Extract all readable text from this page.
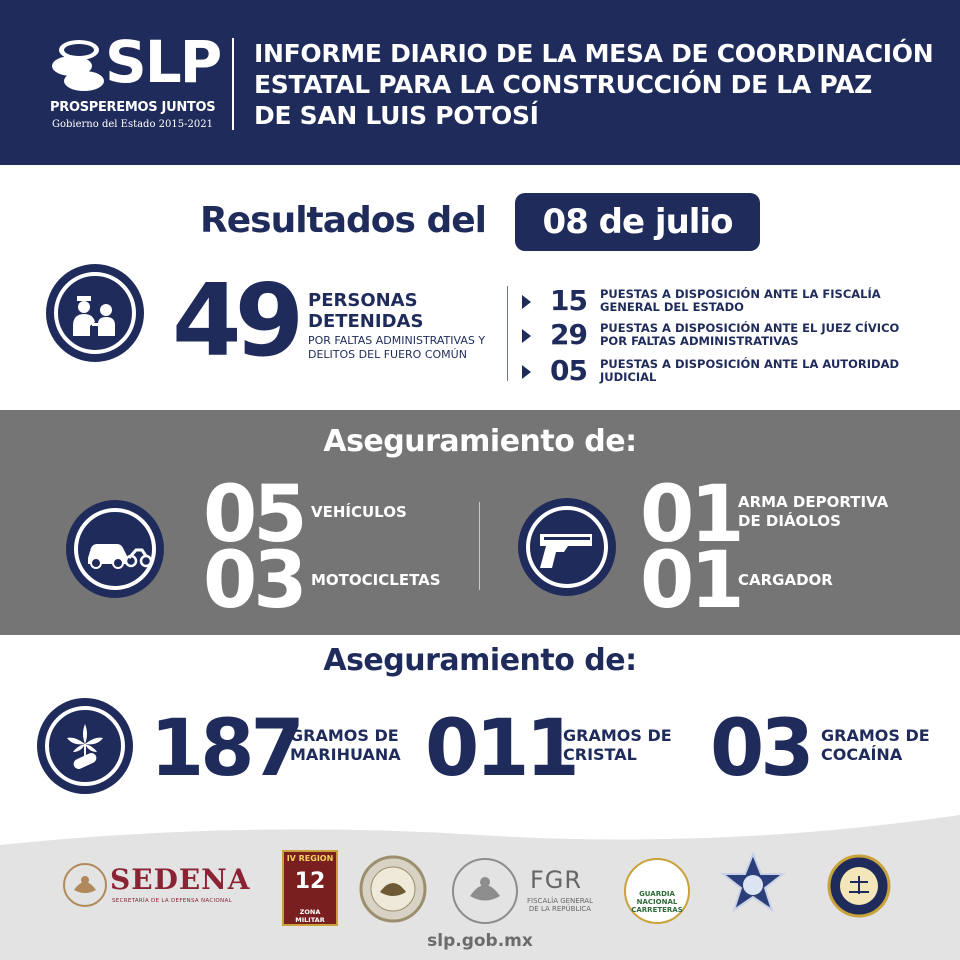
SLP
PROSPEREMOS JUNTOS
Gobierno del Estado 2015-2021
INFORME DIARIO DE LA MESA DE COORDINACIÓN
ESTATAL PARA LA CONSTRUCCIÓN DE LA PAZ
DE SAN LUIS POTOSÍ
Resultados del	08 de julio
49 PERSONAS
DETENIDAS
POR FALTAS ADMINISTRATIVAS Y DELITOS DEL FUERO COMÚN
15 PUESTAS A DISPOSICIÓN ANTE LA FISCALÍA GENERAL DEL ESTADO
29 PUESTAS A DISPOSICIÓN ANTE EL JUEZ CÍVICO POR FALTAS ADMINISTRATIVAS
05 PUESTAS A DISPOSICIÓN ANTE LA AUTORIDAD JUDICIAL
Aseguramiento de:
05 VEHÍCULOS
03 MOTOCICLETAS
01
ARMA DEPORTIVA DE DIÁOLOS
01
CARGADOR
Aseguramiento de:
187
GRAMOS DE
MARIHUANA 011
GRAMOS DE
CRISTAL 03 GRAMOS DE
COCAÍNA
SEDENA
SECRETARÍA DE LA DEFENSA NACIONAL
IV REGION
12
ZONA MILITAR
FGR
FISCALÍA GENERAL DE LA REPÚBLICA
GUARDIA NACIONAL CARRETERAS
slp.gob.mx
